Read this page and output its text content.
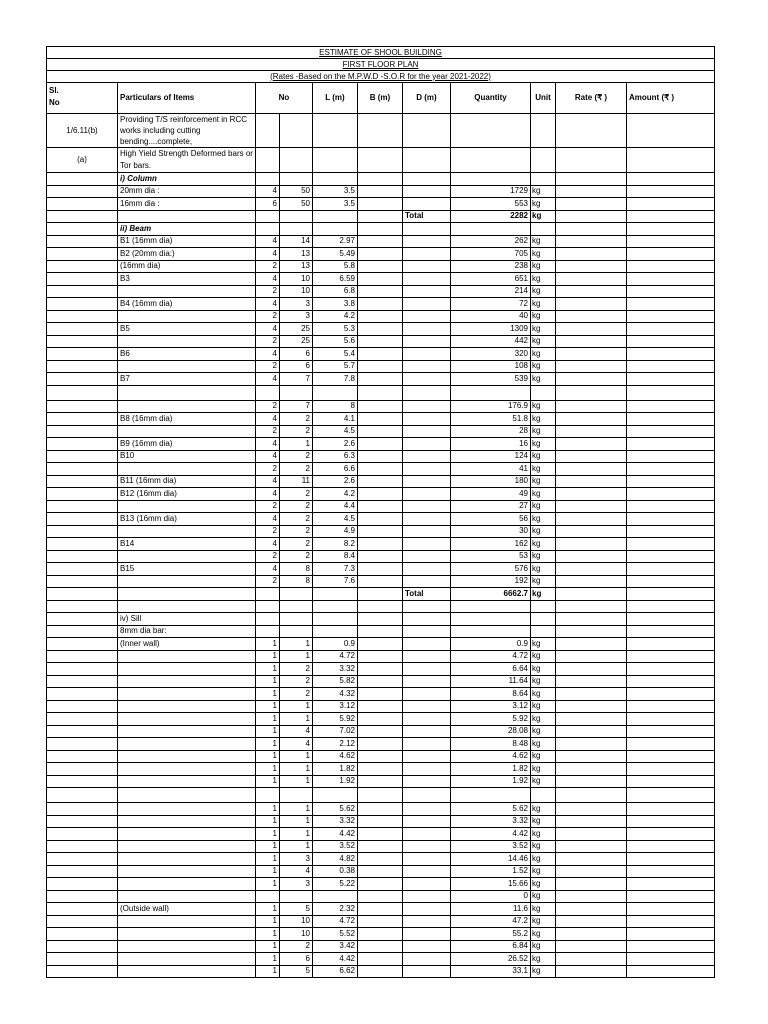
ESTIMATE OF SHOOL BUILDING										
FIRST FLOOR PLAN										
(Rates -Based on the M.P.W.D -S.O.R for the year 2021-2022)										
Sl.
No	Particulars of Items	No		L (m)	B (m)	D (m)	Quantity	Unit	Rate (₹ )	Amount (₹ )
1/6.11(b)	Providing T/S reinforcement in RCC works including cutting bending....complete,									
(a)	High Yield Strength Deformed bars or Tor bars.									
	i) Column									
	20mm dia :	4	50	3.5			1729	kg		
	16mm dia :	6	50	3.5			553	kg		
						Total	2282	kg		
	ii) Beam									
	B1 (16mm dia)	4	14	2.97			262	kg		
	B2 (20mm dia:)	4	13	5.49			705	kg		
	(16mm dia)	2	13	5.8			238	kg		
	B3	4	10	6.59			651	kg		
		2	10	6.8			214	kg		
	B4 (16mm dia)	4	3	3.8			72	kg		
		2	3	4.2			40	kg		
	B5	4	25	5.3			1309	kg		
		2	25	5.6			442	kg		
	B6	4	6	5.4			320	kg		
		2	6	5.7			108	kg		
	B7	4	7	7.8			539	kg		

		2	7	8			176.9	kg		
	B8 (16mm dia)	4	2	4.1			51.8	kg		
		2	2	4.5			28	kg		
	B9 (16mm dia)	4	1	2.6			16	kg		
	B10	4	2	6.3			124	kg		
		2	2	6.6			41	kg		
	B11 (16mm dia)	4	11	2.6			180	kg		
	B12 (16mm dia)	4	2	4.2			49	kg		
		2	2	4.4			27	kg		
	B13 (16mm dia)	4	2	4.5			56	kg		
		2	2	4.9			30	kg		
	B14	4	2	8.2			162	kg		
		2	2	8.4			53	kg		
	B15	4	8	7.3			576	kg		
		2	8	7.6			192	kg		
						Total	6662.7	kg		

	iv) Sill									
	8mm dia bar:									
	(Inner wall)	1	1	0.9			0.9	kg		
		1	1	4.72			4.72	kg		
		1	2	3.32			6.64	kg		
		1	2	5.82			11.64	kg		
		1	2	4.32			8.64	kg		
		1	1	3.12			3.12	kg		
		1	1	5.92			5.92	kg		
		1	4	7.02			28.08	kg		
		1	4	2.12			8.48	kg		
		1	1	4.62			4.62	kg		
		1	1	1.82			1.82	kg		
		1	1	1.92			1.92	kg		

		1	1	5.62			5.62	kg		
		1	1	3.32			3.32	kg		
		1	1	4.42			4.42	kg		
		1	1	3.52			3.52	kg		
		1	3	4.82			14.46	kg		
		1	4	0.38			1.52	kg		
		1	3	5.22			15.66	kg		
							0	kg		
	(Outside wall)	1	5	2.32			11.6	kg		
		1	10	4.72			47.2	kg		
		1	10	5.52			55.2	kg		
		1	2	3.42			6.84	kg		
		1	6	4.42			26.52	kg		
		1	5	6.62			33.1	kg		
